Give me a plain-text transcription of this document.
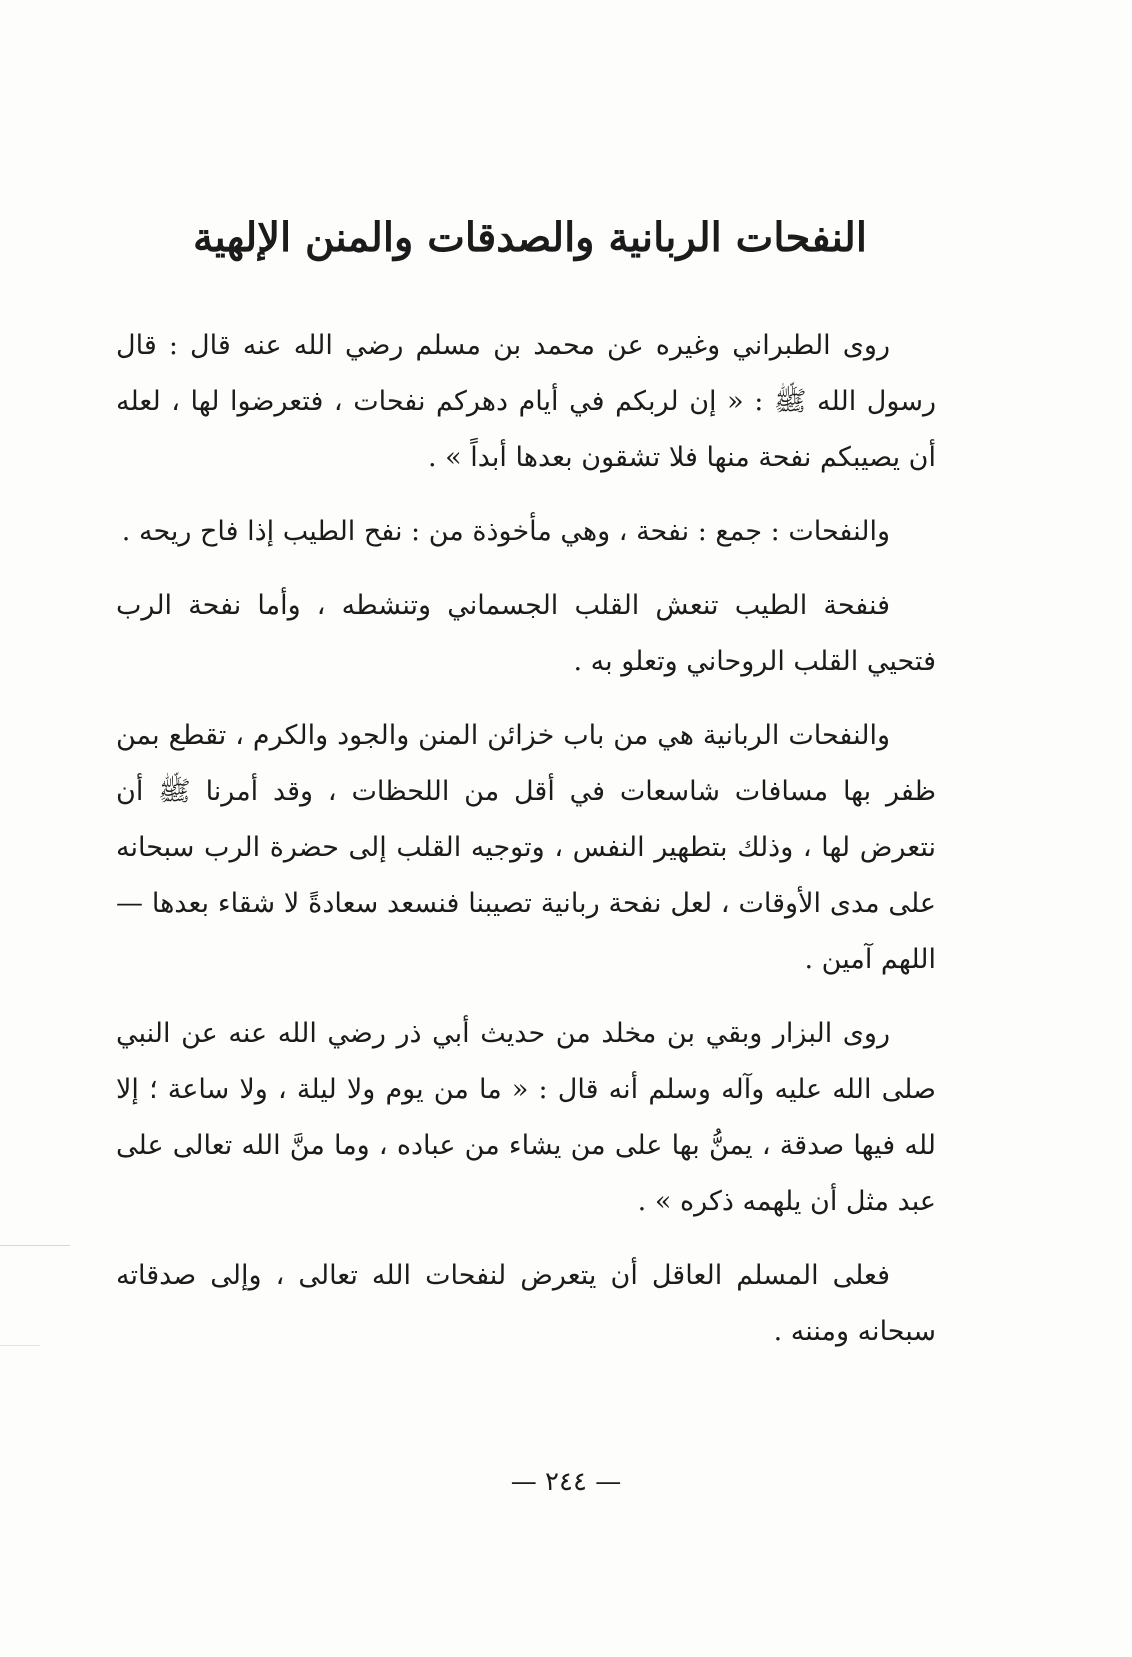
النفحات الربانية والصدقات والمنن الإلهية

روى الطبراني وغيره عن محمد بن مسلم رضي الله عنه قال : قال رسول الله ﷺ : « إن لربكم في أيام دهركم نفحات ، فتعرضوا لها ، لعله أن يصيبكم نفحة منها فلا تشقون بعدها أبداً » .

والنفحات : جمع : نفحة ، وهي مأخوذة من : نفح الطيب إذا فاح ريحه .

فنفحة الطيب تنعش القلب الجسماني وتنشطه ، وأما نفحة الرب فتحيي القلب الروحاني وتعلو به .

والنفحات الربانية هي من باب خزائن المنن والجود والكرم ، تقطع بمن ظفر بها مسافات شاسعات في أقل من اللحظات ، وقد أمرنا ﷺ أن نتعرض لها ، وذلك بتطهير النفس ، وتوجيه القلب إلى حضرة الرب سبحانه على مدى الأوقات ، لعل نفحة ربانية تصيبنا فنسعد سعادةً لا شقاء بعدها — اللهم آمين .

روى البزار وبقي بن مخلد من حديث أبي ذر رضي الله عنه عن النبي صلى الله عليه وآله وسلم أنه قال : « ما من يوم ولا ليلة ، ولا ساعة ؛ إلا لله فيها صدقة ، يمنُّ بها على من يشاء من عباده ، وما منَّ الله تعالى على عبد مثل أن يلهمه ذكره » .

فعلى المسلم العاقل أن يتعرض لنفحات الله تعالى ، وإلى صدقاته سبحانه ومننه .

— ٢٤٤ —
